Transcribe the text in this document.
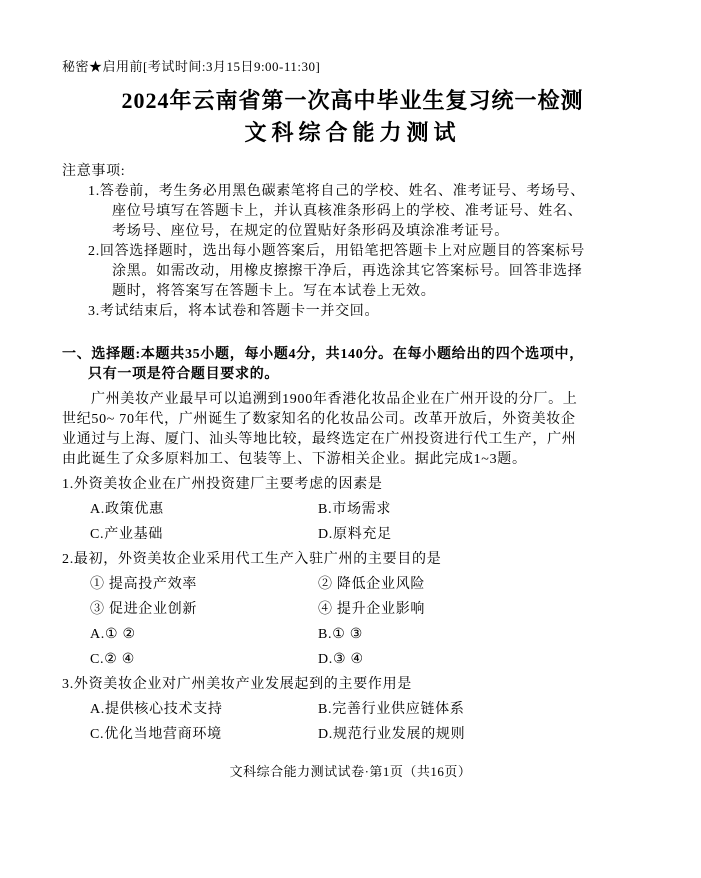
秘密★启用前[考试时间:3月15日9:00-11:30]
2024年云南省第一次高中毕业生复习统一检测
文科综合能力测试
注意事项:
1.答卷前，考生务必用黑色碳素笔将自己的学校、姓名、准考证号、考场号、
座位号填写在答题卡上，并认真核准条形码上的学校、准考证号、姓名、
考场号、座位号，在规定的位置贴好条形码及填涂准考证号。
2.回答选择题时，选出每小题答案后，用铅笔把答题卡上对应题目的答案标号
涂黑。如需改动，用橡皮擦擦干净后，再选涂其它答案标号。回答非选择
题时，将答案写在答题卡上。写在本试卷上无效。
3.考试结束后，将本试卷和答题卡一并交回。
一、选择题:本题共35小题，每小题4分，共140分。在每小题给出的四个选项中，
只有一项是符合题目要求的。
广州美妆产业最早可以追溯到1900年香港化妆品企业在广州开设的分厂。上
世纪50~ 70年代，广州诞生了数家知名的化妆品公司。改革开放后，外资美妆企
业通过与上海、厦门、汕头等地比较，最终选定在广州投资进行代工生产，广州
由此诞生了众多原料加工、包装等上、下游相关企业。据此完成1~3题。
1.外资美妆企业在广州投资建厂主要考虑的因素是
A.政策优惠	B.市场需求
C.产业基础	D.原料充足
2.最初，外资美妆企业采用代工生产入驻广州的主要目的是
① 提高投产效率	② 降低企业风险
③ 促进企业创新	④ 提升企业影响
A.① ②	B.① ③
C.② ④	D.③ ④
3.外资美妆企业对广州美妆产业发展起到的主要作用是
A.提供核心技术支持	B.完善行业供应链体系
C.优化当地营商环境	D.规范行业发展的规则
文科综合能力测试试卷·第1页（共16页）
